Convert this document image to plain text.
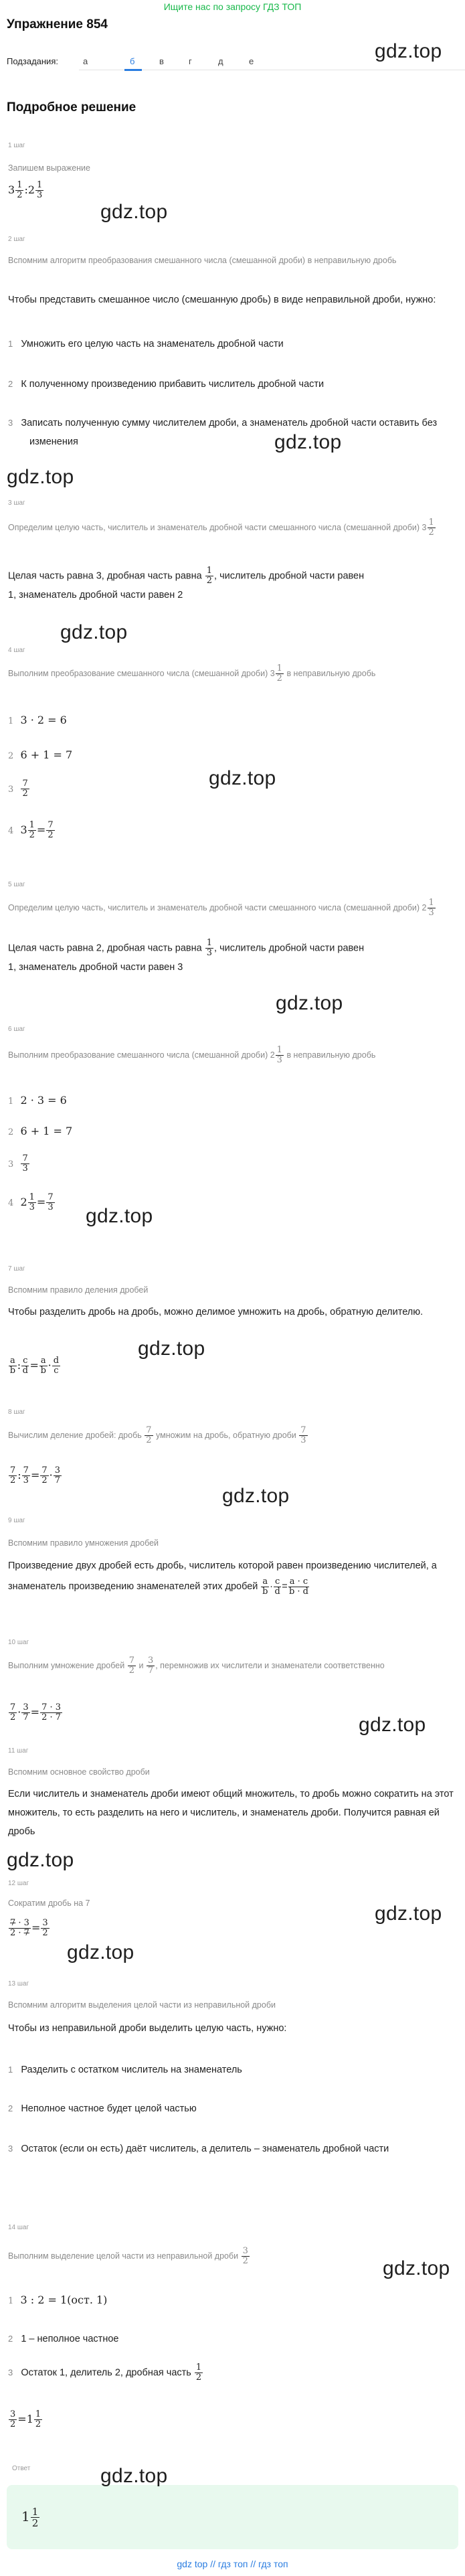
Ищите нас по запросу ГДЗ ТОП
Упражнение 854
Подзадания:	а	б	в	г	д	е	gdz.top
Подробное решение
1 шаг
Запишем выражение
$3 \frac{1}{2}$ :2 $\frac{1}{3}$
gdz.top
2 шаг
Вспомним алгоритм преобразования смешанного числа (смешанной дроби) в неправильную дробь
Чтобы представить смешанное число (смешанную дробь) в виде неправильной дроби, нужно:
1 Умножить его целую часть на знаменатель дробной части
2 К полученному произведению прибавить числитель дробной части
3 Записать полученную сумму числителем дроби, а знаменатель дробной части оставить без изменения	gdz.top
gdz.top
3 шаг
Определим целую часть, числитель и знаменатель дробной части смешанного числа (смешанной дроби) $3 \frac{1}{2}$
Целая часть равна 3, дробная часть равна $\frac{1}{2}$ , числитель дробной части равен
1, знаменатель дробной части равен 2
gdz.top
4 шаг
Выполним преобразование смешанного числа (смешанной дроби) $3 \frac{1}{2}$ в неправильную дробь
1 3 · 2 = 6
2 6 + 1 = 7
$3 \frac{7}{2}$
4  $3 \frac{1}{2} = \frac{7}{2}$
gdz.top
5 шаг
Определим целую часть, числитель и знаменатель дробной части смешанного числа (смешанной дроби) $2 \frac{1}{3}$
Целая часть равна 2, дробная часть равна $\frac{1}{3}$ , числитель дробной части равен
1, знаменатель дробной части равен 3
gdz.top
6 шаг
Выполним преобразование смешанного числа (смешанной дроби) $2 \frac{1}{3}$ в неправильную дробь
1 2 · 3 = 6
2 6 + 1 = 7
$3 \frac{7}{3}$
4  $2 \frac{1}{3} = \frac{7}{3}$
gdz.top
7 шаг
Вспомним правило деления дробей
Чтобы разделить дробь на дробь, можно делимое умножить на дробь, обратную делителю.
$\frac{a}{b}$ : $\frac{c}{d} = \frac{a}{b} \cdot \frac{d}{c}$
gdz.top
8 шаг
Вычислим деление дробей: дробь $\frac{7}{2}$ умножим на дробь, обратную дроби $\frac{7}{3}$
$\frac{7}{2}$ : $\frac{7}{3} = \frac{7}{2} \cdot \frac{3}{7}$
gdz.top
9 шаг
Вспомним правило умножения дробей
Произведение двух дробей есть дробь, числитель которой равен произведению числителей, а знаменатель произведению знаменателей этих дробей $\frac{a}{b} \cdot \frac{c}{d} = \frac{a \cdot c}{b \cdot d}$
10 шаг
Выполним умножение дробей $\frac{7}{2}$ и $\frac{3}{7}$ , перемножив их числители и знаменатели соответственно
$\frac{7}{2} \cdot \frac{3}{7} = \frac{7 \cdot 3}{2 \cdot 7}$
gdz.top
11 шаг
Вспомним основное свойство дроби
Если числитель и знаменатель дроби имеют общий множитель, то дробь можно сократить на этот множитель, то есть разделить на него и числитель, и знаменатель дроби. Получится равная ей дробь
gdz.top
12 шаг
Сократим дробь на 7
$\frac{7 \cdot 3}{2 \cdot 7} = \frac{3}{2}$
gdz.top
gdz.top
13 шаг
Вспомним алгоритм выделения целой части из неправильной дроби
Чтобы из неправильной дроби выделить целую часть, нужно:
1 Разделить с остатком числитель на знаменатель
2 Неполное частное будет целой частью
3 Остаток (если он есть) даёт числитель, а делитель – знаменатель дробной части
14 шаг
Выполним выделение целой части из неправильной дроби $\frac{3}{2}$
gdz.top
1 3 : 2 = 1(ост. 1)
2 1 – неполное частное
3 Остаток 1, делитель 2, дробная часть $\frac{1}{2}$
$\frac{3}{2} =1 \frac{1}{2}$
Ответ
$1 \frac{1}{2}$
gdz.top
gdz top // гдз топ // гдз топ
